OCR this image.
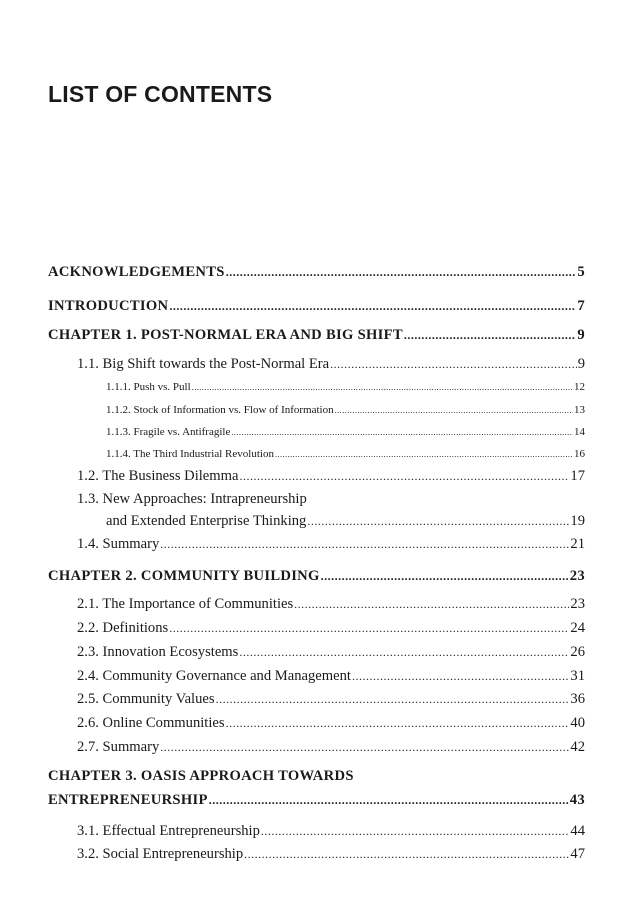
LIST OF CONTENTS
ACKNOWLEDGEMENTS .....	5
INTRODUCTION .....	7
CHAPTER 1. POST-NORMAL ERA AND BIG SHIFT .....	9
1.1. Big Shift towards the Post-Normal Era .....	9
1.1.1. Push vs. Pull .....	12
1.1.2. Stock of Information vs. Flow of Information .....	13
1.1.3. Fragile vs. Antifragile .....	14
1.1.4. The Third Industrial Revolution .....	16
1.2. The Business Dilemma .....	17
1.3. New Approaches: Intrapreneurship
and Extended Enterprise Thinking .....	19
1.4. Summary .....	21
CHAPTER 2. COMMUNITY BUILDING .....	23
2.1. The Importance of Communities .....	23
2.2. Definitions .....	24
2.3. Innovation Ecosystems .....	26
2.4. Community Governance and Management .....	31
2.5. Community Values .....	36
2.6. Online Communities .....	40
2.7. Summary .....	42
CHAPTER 3. OASIS APPROACH TOWARDS
ENTREPRENEURSHIP .....	43
3.1. Effectual Entrepreneurship .....	44
3.2. Social Entrepreneurship .....	47
